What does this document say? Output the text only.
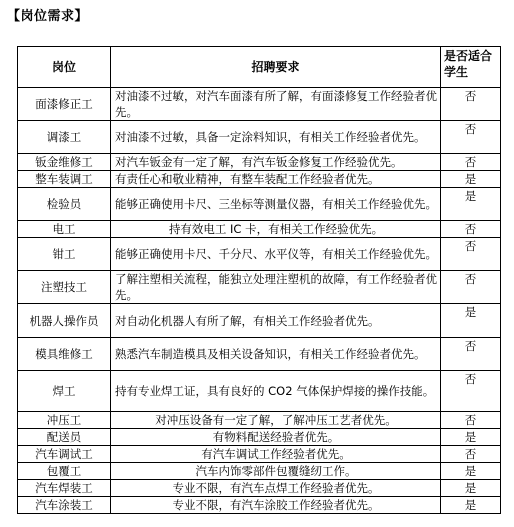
【岗位需求】
岗位	招聘要求	是否适合学生
面漆修正工	对油漆不过敏，对汽车面漆有所了解，有面漆修复工作经验者优先。	否
调漆工	对油漆不过敏，具备一定涂料知识，有相关工作经验者优先。	否
钣金维修工	对汽车钣金有一定了解，有汽车钣金修复工作经验优先。	否
整车装调工	有责任心和敬业精神，有整车装配工作经验者优先。	是
检验员	能够正确使用卡尺、三坐标等测量仪器，有相关工作经验优先。	是
电工	持有效电工 IC 卡，有相关工作经验优先。	否
钳工	能够正确使用卡尺、千分尺、水平仪等，有相关工作经验优先。	否
注塑技工	了解注塑相关流程，能独立处理注塑机的故障，有工作经验者优先。	否
机器人操作员	对自动化机器人有所了解，有相关工作经验者优先。	是
模具维修工	熟悉汽车制造模具及相关设备知识，有相关工作经验者优先。	否
焊工	持有专业焊工证，具有良好的 CO2 气体保护焊接的操作技能。	否
冲压工	对冲压设备有一定了解，了解冲压工艺者优先。	否
配送员	有物料配送经验者优先。	是
汽车调试工	有汽车调试工作经验者优先。	否
包覆工	汽车内饰零部件包覆缝纫工作。	是
汽车焊装工	专业不限，有汽车点焊工作经验者优先。	是
汽车涂装工	专业不限，有汽车涂胶工作经验者优先。	是
